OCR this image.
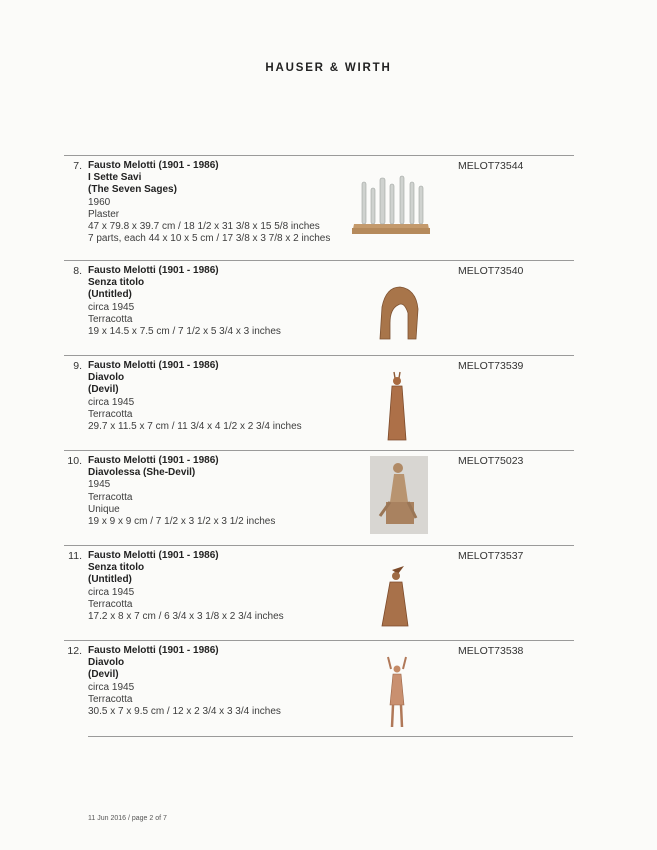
HAUSER & WIRTH
7. Fausto Melotti (1901 - 1986)
I Sette Savi
(The Seven Sages)
1960
Plaster
47 x 79.8 x 39.7 cm / 18 1/2 x 31 3/8 x 15 5/8 inches
7 parts, each 44 x 10 x 5 cm / 17 3/8 x 3 7/8 x 2 inches
MELOT73544
8. Fausto Melotti (1901 - 1986)
Senza titolo
(Untitled)
circa 1945
Terracotta
19 x 14.5 x 7.5 cm / 7 1/2 x 5 3/4 x 3 inches
MELOT73540
9. Fausto Melotti (1901 - 1986)
Diavolo
(Devil)
circa 1945
Terracotta
29.7 x 11.5 x 7 cm / 11 3/4 x 4 1/2 x 2 3/4 inches
MELOT73539
10. Fausto Melotti (1901 - 1986)
Diavolessa (She-Devil)
1945
Terracotta
Unique
19 x 9 x 9 cm / 7 1/2 x 3 1/2 x 3 1/2 inches
MELOT75023
11. Fausto Melotti (1901 - 1986)
Senza titolo
(Untitled)
circa 1945
Terracotta
17.2 x 8 x 7 cm / 6 3/4 x 3 1/8 x 2 3/4 inches
MELOT73537
12. Fausto Melotti (1901 - 1986)
Diavolo
(Devil)
circa 1945
Terracotta
30.5 x 7 x 9.5 cm / 12 x 2 3/4 x 3 3/4 inches
MELOT73538
11 Jun 2016 / page 2 of 7
